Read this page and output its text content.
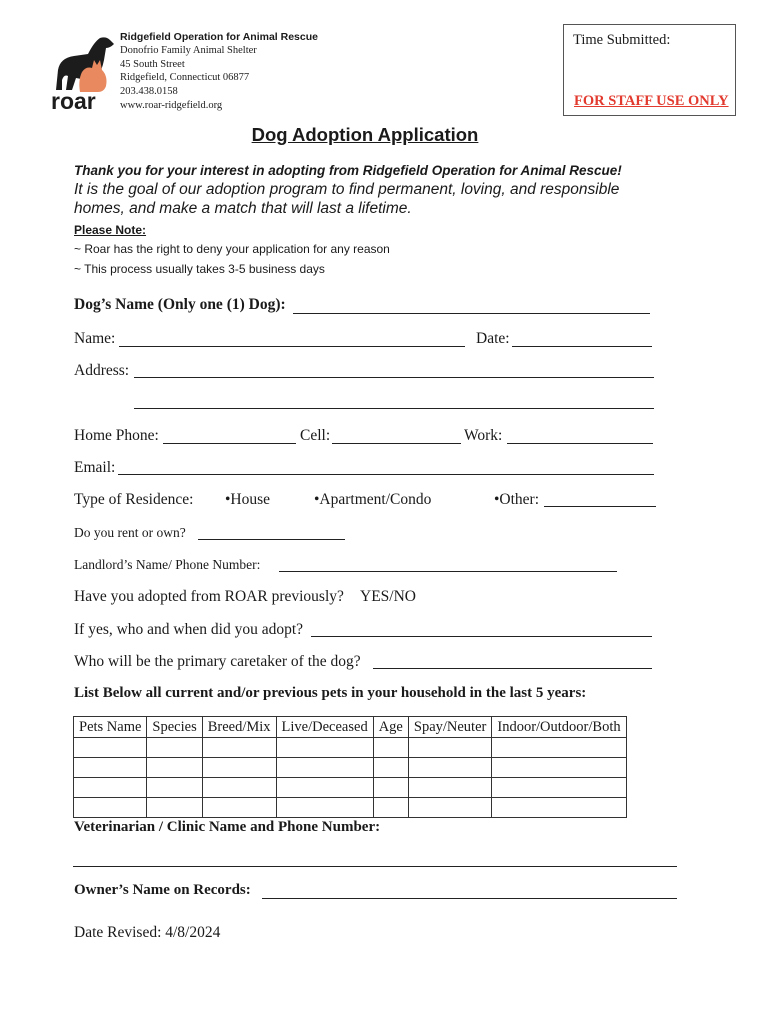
roar
Ridgefield Operation for Animal Rescue
Donofrio Family Animal Shelter
45 South Street
Ridgefield, Connecticut 06877
203.438.0158
www.roar-ridgefield.org
Time Submitted:
FOR STAFF USE ONLY
Dog Adoption Application
Thank you for your interest in adopting from Ridgefield Operation for Animal Rescue!
It is the goal of our adoption program to find permanent, loving, and responsible
homes, and make a match that will last a lifetime.
Please Note:
~ Roar has the right to deny your application for any reason
~ This process usually takes 3-5 business days
Dog’s Name (Only one (1) Dog):
Name:	Date:
Address:
Home Phone:	Cell:	Work:
Email:
Type of Residence: •House	•Apartment/Condo	•Other:
Do you rent or own?
Landlord’s Name/ Phone Number:
Have you adopted from ROAR previously? YES/NO
If yes, who and when did you adopt?
Who will be the primary caretaker of the dog?
List Below all current and/or previous pets in your household in the last 5 years:
Pets Name	Species	Breed/Mix	Live/Deceased	Age	Spay/Neuter	Indoor/Outdoor/Both

Veterinarian / Clinic Name and Phone Number:
Owner’s Name on Records:
Date Revised: 4/8/2024
